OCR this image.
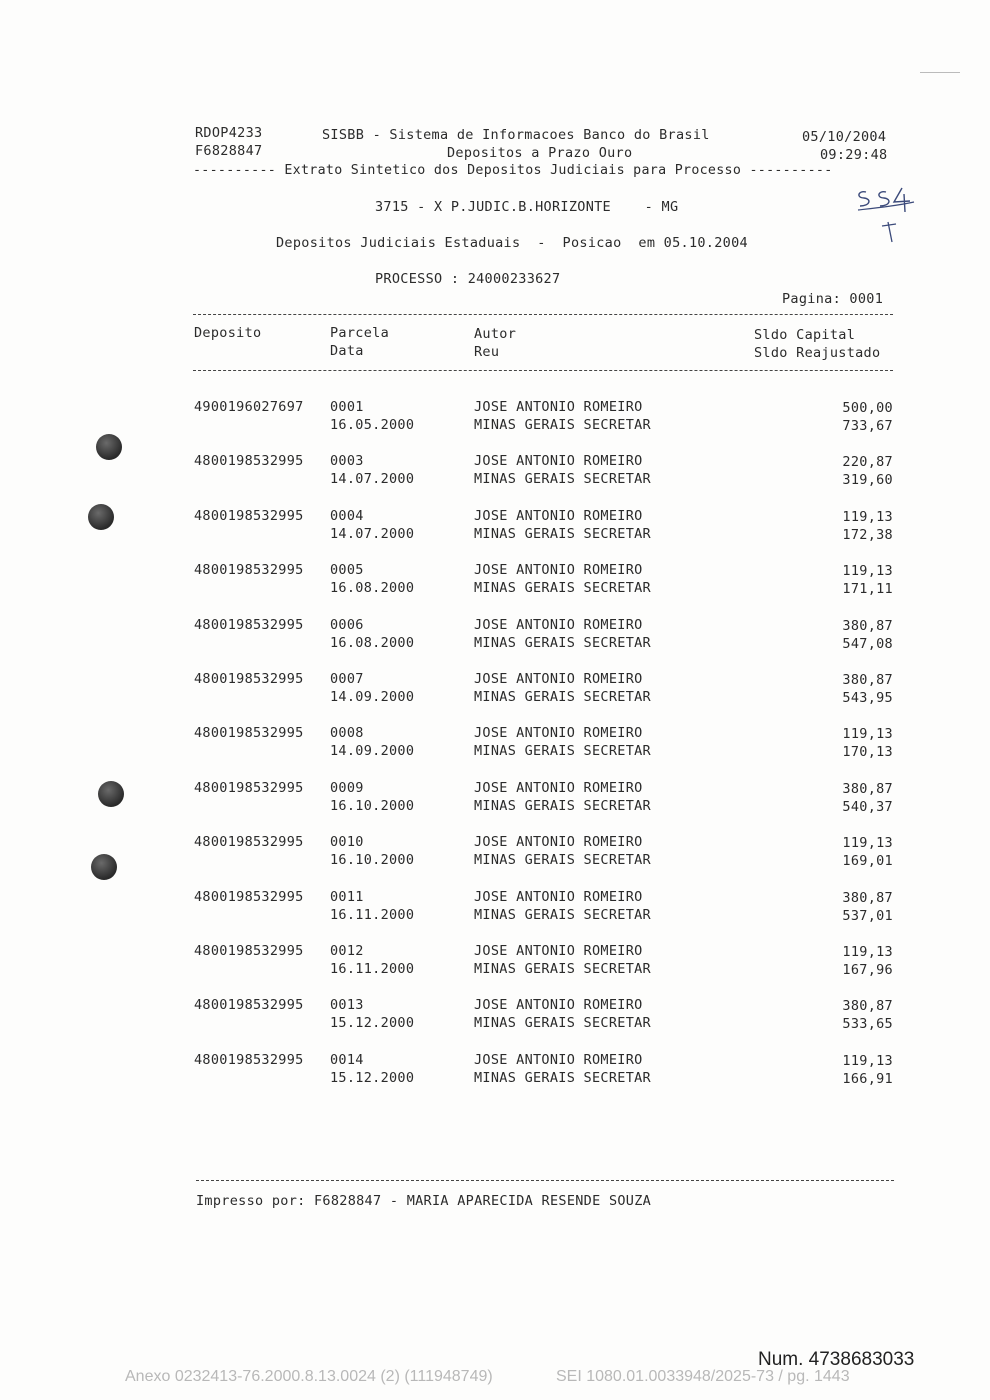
RDOP4233
F6828847
SISBB - Sistema de Informacoes Banco do Brasil
Depositos a Prazo Ouro
05/10/2004
09:29:48
---------- Extrato Sintetico dos Depositos Judiciais para Processo ----------
3715 - X P.JUDIC.B.HORIZONTE    - MG
Depositos Judiciais Estaduais  -  Posicao  em 05.10.2004
PROCESSO : 24000233627
Pagina: 0001
Deposito	Parcela
Data
Autor
Reu
Sldo Capital
Sldo Reajustado
4900196027697 0001
16.05.2000
JOSE ANTONIO ROMEIRO
MINAS GERAIS SECRETAR
500,00
733,67
4800198532995 0003
14.07.2000
JOSE ANTONIO ROMEIRO
MINAS GERAIS SECRETAR
220,87
319,60
4800198532995 0004
14.07.2000
JOSE ANTONIO ROMEIRO
MINAS GERAIS SECRETAR
119,13
172,38
4800198532995 0005
16.08.2000
JOSE ANTONIO ROMEIRO
MINAS GERAIS SECRETAR
119,13
171,11
4800198532995 0006
16.08.2000
JOSE ANTONIO ROMEIRO
MINAS GERAIS SECRETAR
380,87
547,08
4800198532995 0007
14.09.2000
JOSE ANTONIO ROMEIRO
MINAS GERAIS SECRETAR
380,87
543,95
4800198532995 0008
14.09.2000
JOSE ANTONIO ROMEIRO
MINAS GERAIS SECRETAR
119,13
170,13
4800198532995 0009
16.10.2000
JOSE ANTONIO ROMEIRO
MINAS GERAIS SECRETAR
380,87
540,37
4800198532995 0010
16.10.2000
JOSE ANTONIO ROMEIRO
MINAS GERAIS SECRETAR
119,13
169,01
4800198532995 0011
16.11.2000
JOSE ANTONIO ROMEIRO
MINAS GERAIS SECRETAR
380,87
537,01
4800198532995 0012
16.11.2000
JOSE ANTONIO ROMEIRO
MINAS GERAIS SECRETAR
119,13
167,96
4800198532995 0013
15.12.2000
JOSE ANTONIO ROMEIRO
MINAS GERAIS SECRETAR
380,87
533,65
4800198532995 0014
15.12.2000
JOSE ANTONIO ROMEIRO
MINAS GERAIS SECRETAR
119,13
166,91
Impresso por: F6828847 - MARIA APARECIDA RESENDE SOUZA
Num. 4738683033
Anexo 0232413-76.2000.8.13.0024 (2) (111948749)	SEI 1080.01.0033948/2025-73 / pg. 1443
